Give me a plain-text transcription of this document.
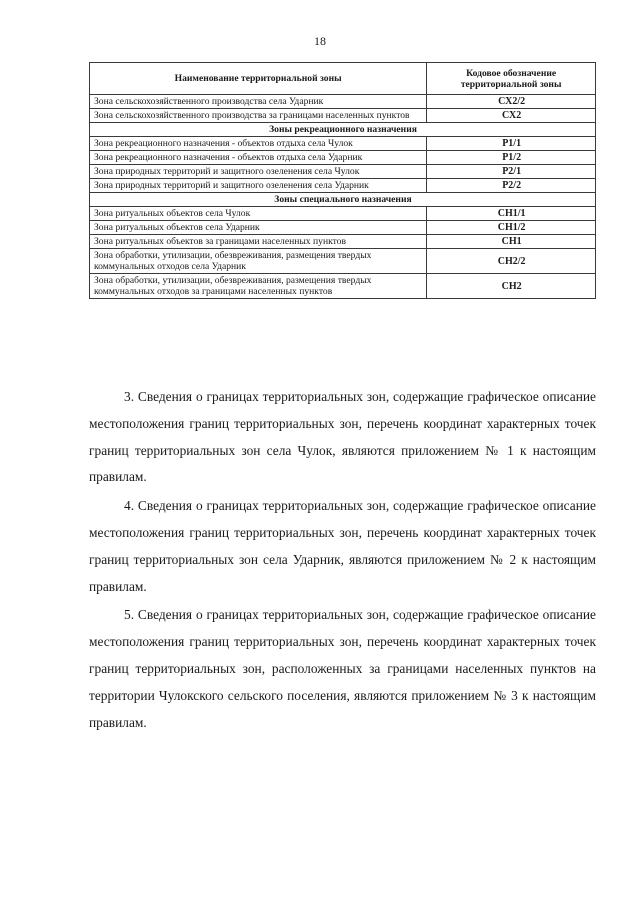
18
Наименование территориальной зоны	Кодовое обозначение территориальной зоны
Зона сельскохозяйственного производства села Ударник	СХ2/2
Зона сельскохозяйственного производства за границами населенных пунктов	СХ2
Зоны рекреационного назначения	
Зона рекреационного назначения - объектов отдыха села Чулок	Р1/1
Зона рекреационного назначения - объектов отдыха села Ударник	Р1/2
Зона природных территорий и защитного озеленения села Чулок	Р2/1
Зона природных территорий и защитного озеленения села Ударник	Р2/2
Зоны специального назначения	
Зона ритуальных объектов села Чулок	СН1/1
Зона ритуальных объектов села Ударник	СН1/2
Зона ритуальных объектов за границами населенных пунктов	СН1
Зона обработки, утилизации, обезвреживания, размещения твердых коммунальных отходов села Ударник	СН2/2
Зона обработки, утилизации, обезвреживания, размещения твердых коммунальных отходов за границами населенных пунктов	СН2

3. Сведения о границах территориальных зон, содержащие графическое описание местоположения границ территориальных зон, перечень координат характерных точек границ территориальных зон села Чулок, являются приложением № 1 к настоящим правилам.

4. Сведения о границах территориальных зон, содержащие графическое описание местоположения границ территориальных зон, перечень координат характерных точек границ территориальных зон села Ударник, являются приложением № 2 к настоящим правилам.

5. Сведения о границах территориальных зон, содержащие графическое описание местоположения границ территориальных зон, перечень координат характерных точек границ территориальных зон, расположенных за границами населенных пунктов на территории Чулокского сельского поселения, являются приложением № 3 к настоящим правилам.
